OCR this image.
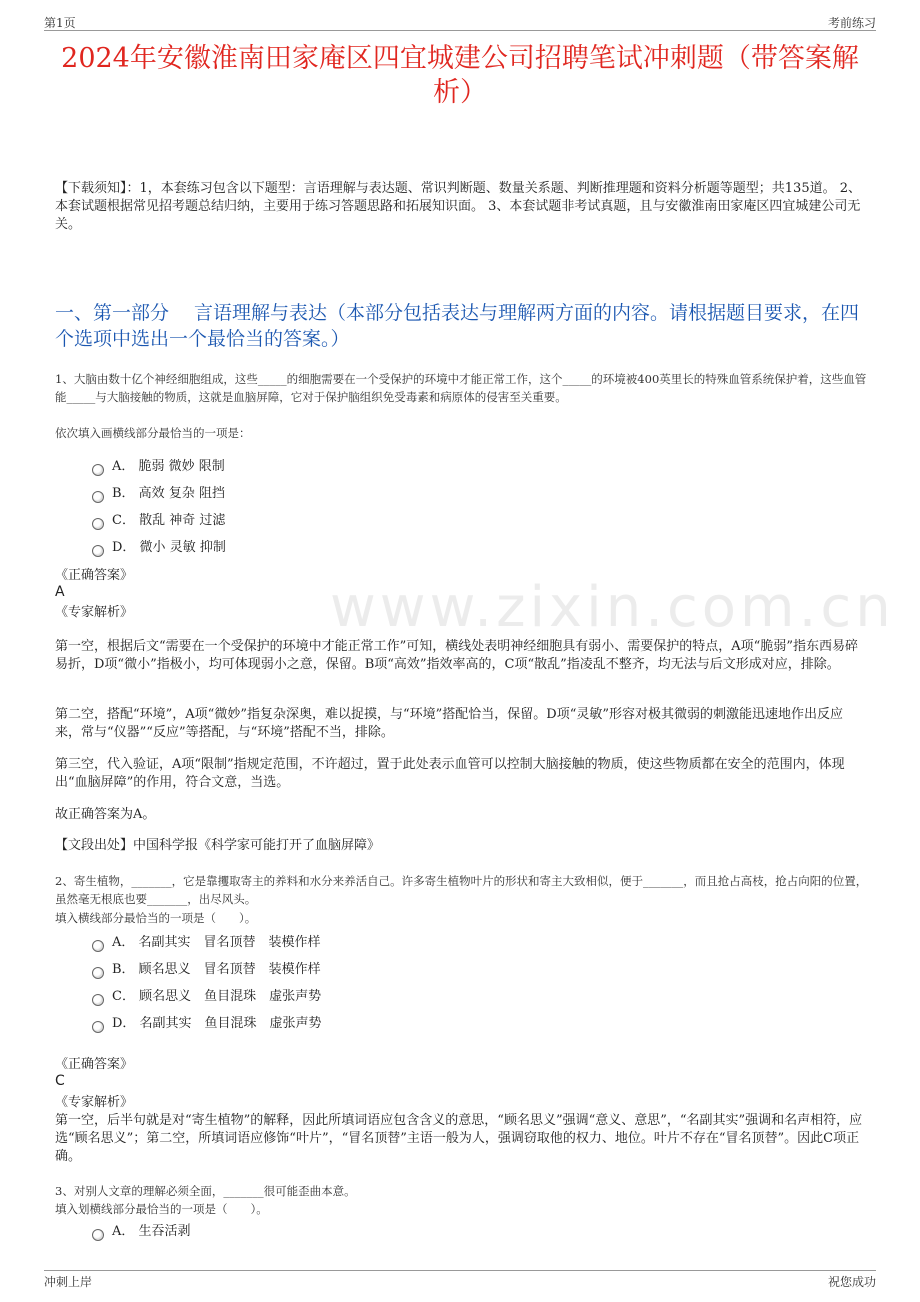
第1页	考前练习
www.zixin.com.cn
2024年安徽淮南田家庵区四宜城建公司招聘笔试冲刺题（带答案解析）
【下载须知】：1，本套练习包含以下题型：言语理解与表达题、常识判断题、数量关系题、判断推理题和资料分析题等题型；共135道。 2、本套试题根据常见招考题总结归纳，主要用于练习答题思路和拓展知识面。 3、本套试题非考试真题，且与安徽淮南田家庵区四宜城建公司无关。
一、第一部分　 言语理解与表达（本部分包括表达与理解两方面的内容。请根据题目要求，在四个选项中选出一个最恰当的答案。）
1、大脑由数十亿个神经细胞组成，这些_____的细胞需要在一个受保护的环境中才能正常工作，这个_____的环境被400英里长的特殊血管系统保护着，这些血管能_____与大脑接触的物质，这就是血脑屏障，它对于保护脑组织免受毒素和病原体的侵害至关重要。
依次填入画横线部分最恰当的一项是：
A． 脆弱 微妙 限制
B． 高效 复杂 阻挡
C． 散乱 神奇 过滤
D． 微小 灵敏 抑制
《正确答案》
A
《专家解析》
第一空，根据后文“需要在一个受保护的环境中才能正常工作”可知，横线处表明神经细胞具有弱小、需要保护的特点，A项“脆弱”指东西易碎易折，D项“微小”指极小，均可体现弱小之意，保留。B项“高效”指效率高的，C项“散乱”指凌乱不整齐，均无法与后文形成对应，排除。
第二空，搭配“环境”，A项“微妙”指复杂深奥，难以捉摸，与“环境”搭配恰当，保留。D项“灵敏”形容对极其微弱的刺激能迅速地作出反应来，常与“仪器”“反应”等搭配，与“环境”搭配不当，排除。
第三空，代入验证，A项“限制”指规定范围，不许超过，置于此处表示血管可以控制大脑接触的物质，使这些物质都在安全的范围内，体现出“血脑屏障”的作用，符合文意，当选。
故正确答案为A。
【文段出处】中国科学报《科学家可能打开了血脑屏障》
2、寄生植物，_______，它是靠攫取寄主的养料和水分来养活自己。许多寄生植物叶片的形状和寄主大致相似，便于_______，而且抢占高枝，抢占向阳的位置，虽然毫无根底也要_______，出尽风头。
填入横线部分最恰当的一项是（　　）。
A． 名副其实　冒名顶替　装模作样
B． 顾名思义　冒名顶替　装模作样
C． 顾名思义　鱼目混珠　虚张声势
D． 名副其实　鱼目混珠　虚张声势
《正确答案》
C
《专家解析》
第一空，后半句就是对“寄生植物”的解释，因此所填词语应包含含义的意思，“顾名思义”强调“意义、意思”，“名副其实”强调和名声相符，应选“顾名思义”；第二空，所填词语应修饰“叶片”，“冒名顶替”主语一般为人，强调窃取他的权力、地位。叶片不存在“冒名顶替”。因此C项正确。
3、对别人文章的理解必须全面，_______很可能歪曲本意。
填入划横线部分最恰当的一项是（　　）。
A． 生吞活剥
冲刺上岸	祝您成功
